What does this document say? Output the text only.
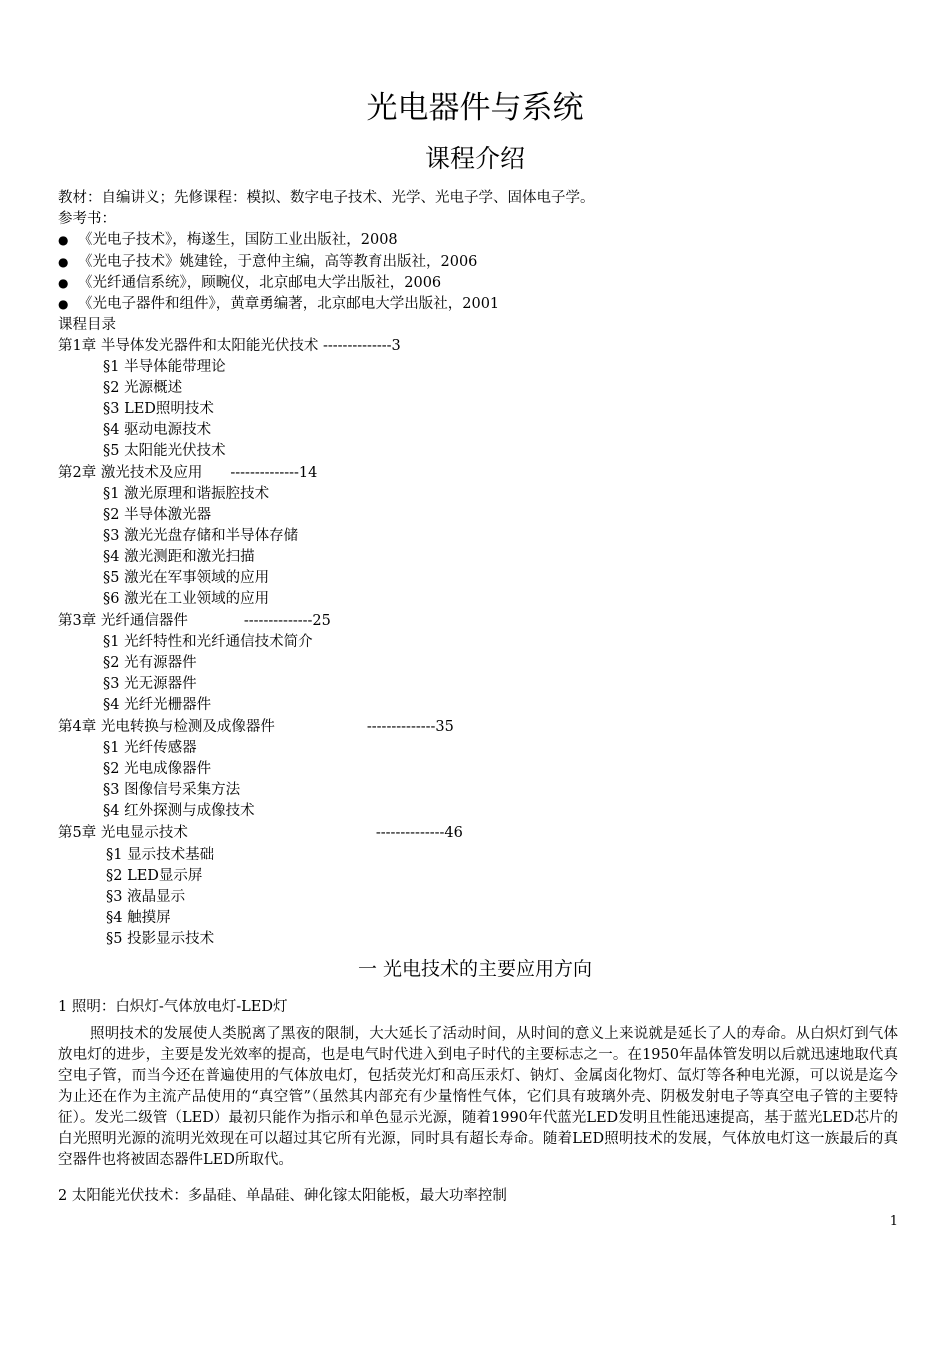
光电器件与系统
课程介绍
教材：自编讲义；先修课程：模拟、数字电子技术、光学、光电子学、固体电子学。
参考书：
● 《光电子技术》，梅遂生，国防工业出版社，2008
● 《光电子技术》姚建铨，于意仲主编，高等教育出版社，2006
● 《光纤通信系统》，顾畹仪，北京邮电大学出版社，2006
● 《光电子器件和组件》，黄章勇编著，北京邮电大学出版社，2001
课程目录
第1章 半导体发光器件和太阳能光伏技术 --------------3
§1 半导体能带理论
§2 光源概述
§3 LED照明技术
§4 驱动电源技术
§5 太阳能光伏技术
第2章 激光技术及应用 --------------14
§1 激光原理和谐振腔技术
§2 半导体激光器
§3 激光光盘存储和半导体存储
§4 激光测距和激光扫描
§5 激光在军事领域的应用
§6 激光在工业领域的应用
第3章 光纤通信器件	--------------25
§1 光纤特性和光纤通信技术简介
§2 光有源器件
§3 光无源器件
§4 光纤光栅器件
第4章 光电转换与检测及成像器件	--------------35
§1 光纤传感器
§2 光电成像器件
§3 图像信号采集方法
§4 红外探测与成像技术
第5章 光电显示技术	--------------46
§1 显示技术基础
§2 LED显示屏
§3 液晶显示
§4 触摸屏
§5 投影显示技术
一 光电技术的主要应用方向
1 照明：白炽灯-气体放电灯-LED灯
照明技术的发展使人类脱离了黑夜的限制，大大延长了活动时间，从时间的意义上来说就是延长了人的寿命。从白炽灯到气体放电灯的进步，主要是发光效率的提高，也是电气时代进入到电子时代的主要标志之一。在1950年晶体管发明以后就迅速地取代真空电子管，而当今还在普遍使用的气体放电灯，包括荧光灯和高压汞灯、钠灯、金属卤化物灯、氙灯等各种电光源，可以说是迄今为止还在作为主流产品使用的“真空管”（虽然其内部充有少量惰性气体，它们具有玻璃外壳、阴极发射电子等真空电子管的主要特征）。发光二级管（LED）最初只能作为指示和单色显示光源，随着1990年代蓝光LED发明且性能迅速提高，基于蓝光LED芯片的白光照明光源的流明光效现在可以超过其它所有光源，同时具有超长寿命。随着LED照明技术的发展，气体放电灯这一族最后的真空器件也将被固态器件LED所取代。
2 太阳能光伏技术：多晶硅、单晶硅、砷化镓太阳能板，最大功率控制
1
